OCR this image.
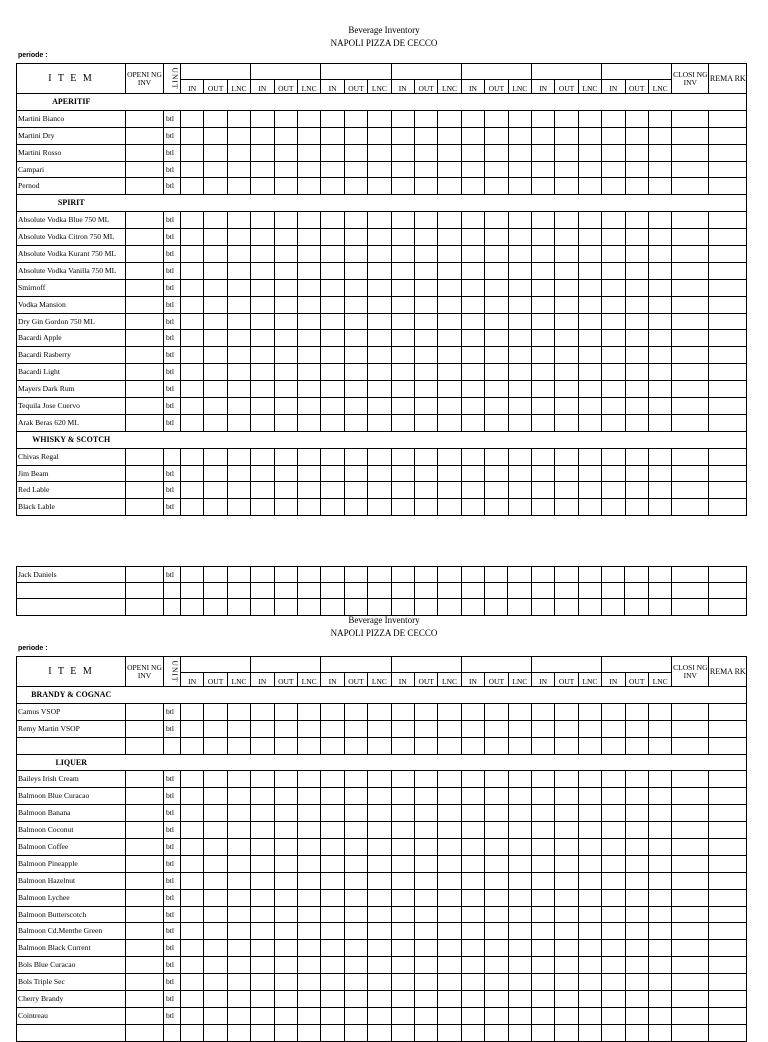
Beverage Inventory
NAPOLI PIZZA DE CECCO
periode :
I T E M	OPENI NG INV	UNIT																						CLOSI NG INV	REMA RK
			IN	OUT	LNC	IN	OUT	LNC	IN	OUT	LNC	IN	OUT	LNC	IN	OUT	LNC	IN	OUT	LNC	IN	OUT	LNC		
APERITIF																									
Martini Bianco		btl																							
Martini Dry		btl																							
Martini Rosso		btl																							
Campari		btl																							
Pernod		btl																							
SPIRIT																									
Absolute Vodka Blue 750 ML		btl																							
Absolute Vodka Citron 750 ML		btl																							
Absolute Vodka Kurant 750 ML		btl																							
Absolute Vodka Vanilla 750 ML		btl																							
Smirnoff		btl																							
Vodka Mansion		btl																							
Dry Gin Gordon 750 ML		btl																							
Bacardi Apple		btl																							
Bacardi Rasberry		btl																							
Bacardi Light		btl																							
Mayers Dark Rum		btl																							
Tequila Jose Cuervo		btl																							
Arak Beras 620 ML		btl																							
WHISKY & SCOTCH																									
Chivas Regal																									
Jim Beam		btl																							
Red Lable		btl																							
Black Lable		btl																							
Jack Daniels		btl																							

Beverage Inventory
NAPOLI PIZZA DE CECCO
periode :
I T E M	OPENI NG INV	UNIT																						CLOSI NG INV	REMA RK
			IN	OUT	LNC	IN	OUT	LNC	IN	OUT	LNC	IN	OUT	LNC	IN	OUT	LNC	IN	OUT	LNC	IN	OUT	LNC		
BRANDY & COGNAC																									
Camus VSOP		btl																							
Remy Martin VSOP		btl																							

LIQUER																									
Baileys Irish Cream		btl																							
Balmoon Blue Curacao		btl																							
Balmoon Banana		btl																							
Balmoon Coconut		btl																							
Balmoon Coffee		btl																							
Balmoon Pineapple		btl																							
Balmoon Hazelnut		btl																							
Balmoon Lychee		btl																							
Balmoon Butterscotch		btl																							
Balmoon Cd.Menthe Green		btl																							
Balmoon Black Current		btl																							
Bols Blue Curacao		btl																							
Bols Triple Sec		btl																							
Cherry Brandy		btl																							
Cointreau		btl																							
